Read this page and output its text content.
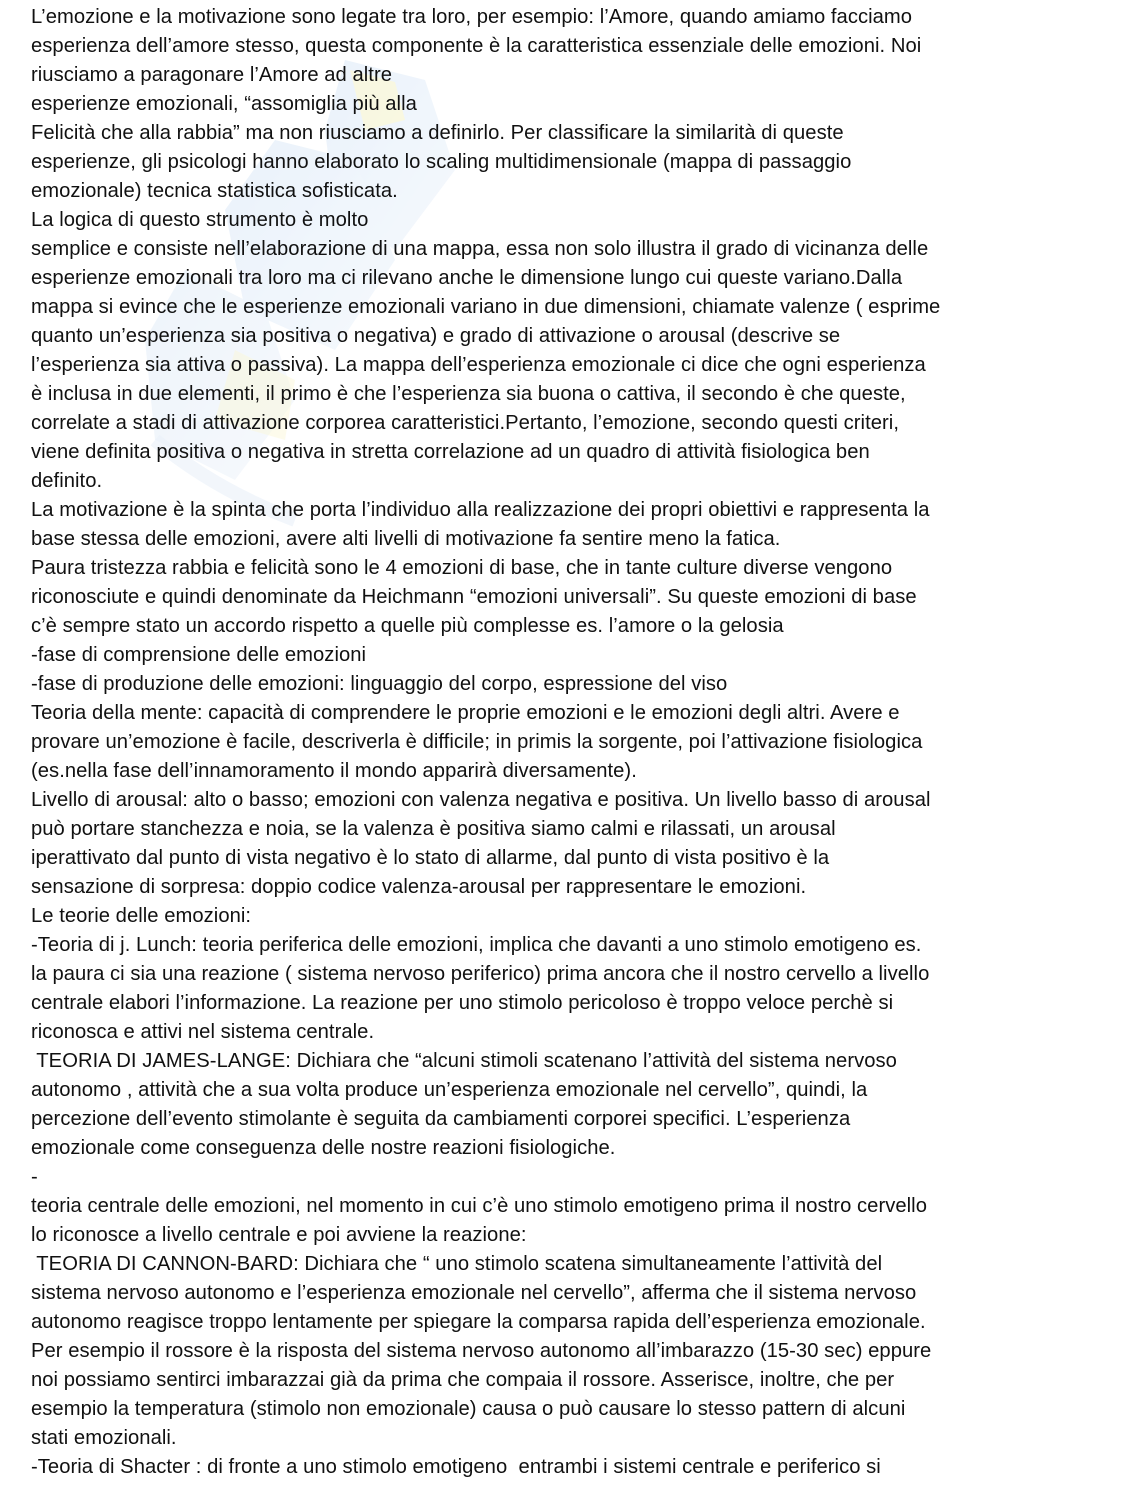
L’emozione e la motivazione sono legate tra loro, per esempio: l’Amore, quando amiamo facciamo
esperienza dell’amore stesso, questa componente è la caratteristica essenziale delle emozioni. Noi
riusciamo a paragonare l’Amore ad altre
esperienze emozionali, “assomiglia più alla
Felicità che alla rabbia” ma non riusciamo a definirlo. Per classificare la similarità di queste
esperienze, gli psicologi hanno elaborato lo scaling multidimensionale (mappa di passaggio
emozionale) tecnica statistica sofisticata.
La logica di questo strumento è molto
semplice e consiste nell’elaborazione di una mappa, essa non solo illustra il grado di vicinanza delle
esperienze emozionali tra loro ma ci rilevano anche le dimensione lungo cui queste variano.Dalla
mappa si evince che le esperienze emozionali variano in due dimensioni, chiamate valenze ( esprime
quanto un’esperienza sia positiva o negativa) e grado di attivazione o arousal (descrive se
l’esperienza sia attiva o passiva). La mappa dell’esperienza emozionale ci dice che ogni esperienza
è inclusa in due elementi, il primo è che l’esperienza sia buona o cattiva, il secondo è che queste,
correlate a stadi di attivazione corporea caratteristici.Pertanto, l’emozione, secondo questi criteri,
viene definita positiva o negativa in stretta correlazione ad un quadro di attività fisiologica ben
definito.
La motivazione è la spinta che porta l’individuo alla realizzazione dei propri obiettivi e rappresenta la
base stessa delle emozioni, avere alti livelli di motivazione fa sentire meno la fatica.
Paura tristezza rabbia e felicità sono le 4 emozioni di base, che in tante culture diverse vengono
riconosciute e quindi denominate da Heichmann “emozioni universali”. Su queste emozioni di base
c’è sempre stato un accordo rispetto a quelle più complesse es. l’amore o la gelosia
-fase di comprensione delle emozioni
-fase di produzione delle emozioni: linguaggio del corpo, espressione del viso
Teoria della mente: capacità di comprendere le proprie emozioni e le emozioni degli altri. Avere e
provare un’emozione è facile, descriverla è difficile; in primis la sorgente, poi l’attivazione fisiologica
(es.nella fase dell’innamoramento il mondo apparirà diversamente).
Livello di arousal: alto o basso; emozioni con valenza negativa e positiva. Un livello basso di arousal
può portare stanchezza e noia, se la valenza è positiva siamo calmi e rilassati, un arousal
iperattivato dal punto di vista negativo è lo stato di allarme, dal punto di vista positivo è la
sensazione di sorpresa: doppio codice valenza-arousal per rappresentare le emozioni.
Le teorie delle emozioni:
-Teoria di j. Lunch: teoria periferica delle emozioni, implica che davanti a uno stimolo emotigeno es.
la paura ci sia una reazione ( sistema nervoso periferico) prima ancora che il nostro cervello a livello
centrale elabori l’informazione. La reazione per uno stimolo pericoloso è troppo veloce perchè si
riconosca e attivi nel sistema centrale.
TEORIA DI JAMES-LANGE: Dichiara che “alcuni stimoli scatenano l’attività del sistema nervoso
autonomo , attività che a sua volta produce un’esperienza emozionale nel cervello”, quindi, la
percezione dell’evento stimolante è seguita da cambiamenti corporei specifici. L’esperienza
emozionale come conseguenza delle nostre reazioni fisiologiche.
-
teoria centrale delle emozioni, nel momento in cui c’è uno stimolo emotigeno prima il nostro cervello
lo riconosce a livello centrale e poi avviene la reazione:
TEORIA DI CANNON-BARD: Dichiara che “ uno stimolo scatena simultaneamente l’attività del
sistema nervoso autonomo e l’esperienza emozionale nel cervello”, afferma che il sistema nervoso
autonomo reagisce troppo lentamente per spiegare la comparsa rapida dell’esperienza emozionale.
Per esempio il rossore è la risposta del sistema nervoso autonomo all’imbarazzo (15-30 sec) eppure
noi possiamo sentirci imbarazzai già da prima che compaia il rossore. Asserisce, inoltre, che per
esempio la temperatura (stimolo non emozionale) causa o può causare lo stesso pattern di alcuni
stati emozionali.
-Teoria di Shacter : di fronte a uno stimolo emotigeno  entrambi i sistemi centrale e periferico si
